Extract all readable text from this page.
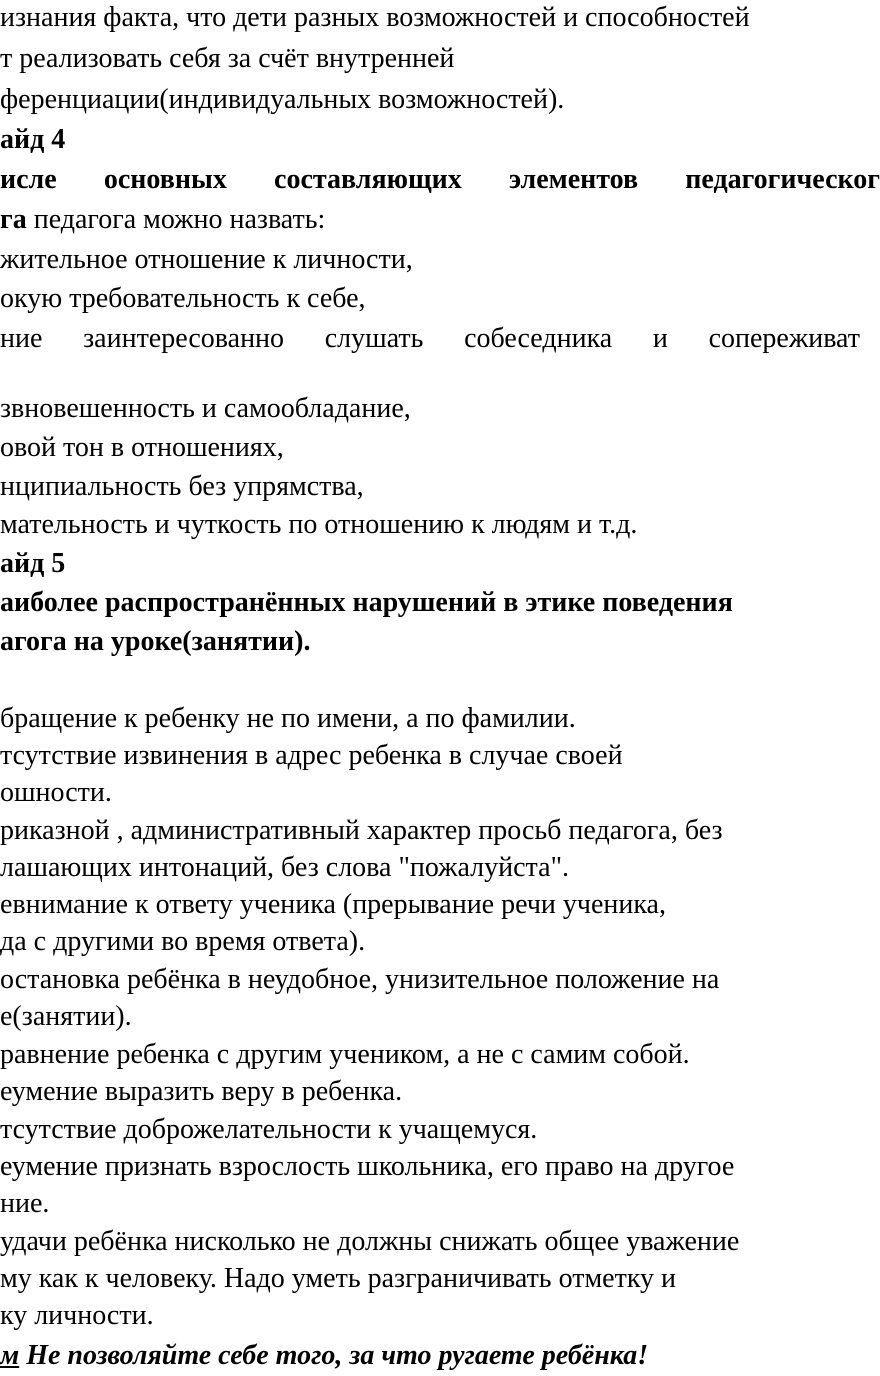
изнания факта, что дети разных возможностей и способностей
т реализовать себя за счёт внутренней
ференциации(индивидуальных возможностей).
айд 4
исле основных составляющих элементов педагогическог
га педагога можно назвать:
жительное отношение к личности,
окую требовательность к себе,
ние заинтересованно слушать собеседника и сопереживат
звновешенность и самообладание,
овой тон в отношениях,
нципиальность без упрямства,
мательность и чуткость по отношению к людям и т.д.
айд 5
аиболее распространённых нарушений в этике поведения
агога на уроке(занятии).
бращение к ребенку не по имени, а по фамилии.
тсутствие извинения в адрес ребенка в случае своей
ошности.
риказной , административный характер просьб педагога, без
лашающих интонаций, без слова "пожалуйста".
евнимание к ответу ученика (прерывание речи ученика,
да с другими во время ответа).
остановка ребёнка в неудобное, унизительное положение на
е(занятии).
равнение ребенка с другим учеником, а не с самим собой.
еумение выразить веру в ребенка.
тсутствие доброжелательности к учащемуся.
еумение признать взрослость школьника, его право на другое
ние.
удачи ребёнка нисколько не должны снижать общее уважение
му как к человеку. Надо уметь разграничивать отметку и
ку личности.
м Не позволяйте себе того, за что ругаете ребёнка!
